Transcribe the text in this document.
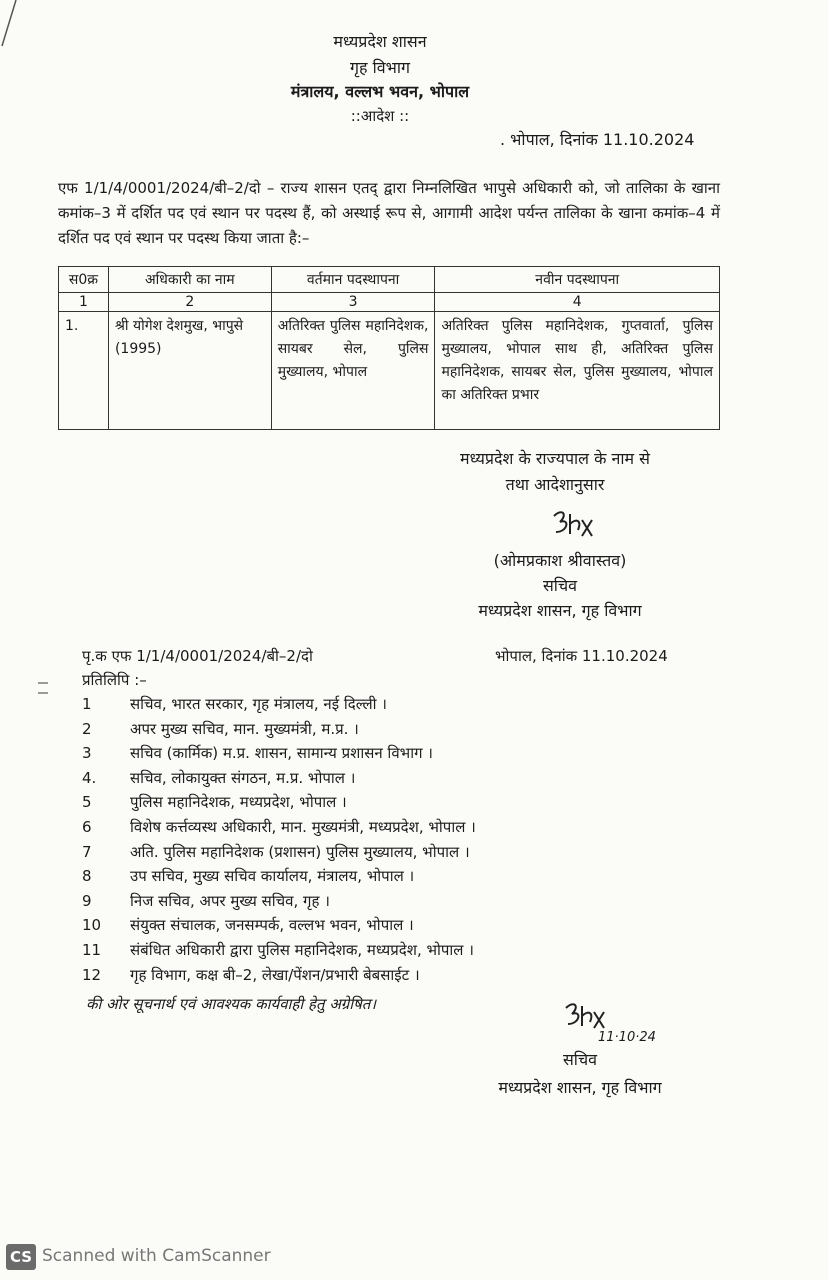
मध्यप्रदेश शासन
गृह विभाग
मंत्रालय, वल्लभ भवन, भोपाल
::आदेश ::
. भोपाल, दिनांक 11.10.2024
एफ 1/1/4/0001/2024/बी–2/दो – राज्य शासन एतद् द्वारा निम्नलिखित भापुसे अधिकारी को, जो तालिका के खाना कमांक–3 में दर्शित पद एवं स्थान पर पदस्थ हैं, को अस्थाई रूप से, आगामी आदेश पर्यन्त तालिका के खाना कमांक–4 में दर्शित पद एवं स्थान पर पदस्थ किया जाता है:–
स0क्र	अधिकारी का नाम	वर्तमान पदस्थापना	नवीन पदस्थापना
1	2	3	4
1.	श्री योगेश देशमुख, भापुसे (1995)	अतिरिक्त पुलिस महानिदेशक, सायबर सेल, पुलिस मुख्यालय, भोपाल	अतिरिक्त पुलिस महानिदेशक, गुप्तवार्ता, पुलिस मुख्यालय, भोपाल साथ ही, अतिरिक्त पुलिस महानिदेशक, सायबर सेल, पुलिस मुख्यालय, भोपाल का अतिरिक्त प्रभार
मध्यप्रदेश के राज्यपाल के नाम से
तथा आदेशानुसार
(ओमप्रकाश श्रीवास्तव)
सचिव
मध्यप्रदेश शासन, गृह विभाग
पृ.क एफ 1/1/4/0001/2024/बी–2/दो	भोपाल, दिनांक 11.10.2024
प्रतिलिपि :–
1	सचिव, भारत सरकार, गृह मंत्रालय, नई दिल्ली ।
2	अपर मुख्य सचिव, मान. मुख्यमंत्री, म.प्र. ।
3	सचिव (कार्मिक) म.प्र. शासन, सामान्य प्रशासन विभाग ।
4. सचिव, लोकायुक्त संगठन, म.प्र. भोपाल ।
5	पुलिस महानिदेशक, मध्यप्रदेश, भोपाल ।
6	विशेष कर्त्तव्यस्थ अधिकारी, मान. मुख्यमंत्री, मध्यप्रदेश, भोपाल ।
7	अति. पुलिस महानिदेशक (प्रशासन) पुलिस मुख्यालय, भोपाल ।
8	उप सचिव, मुख्य सचिव कार्यालय, मंत्रालय, भोपाल ।
9	निज सचिव, अपर मुख्य सचिव, गृह ।
10 संयुक्त संचालक, जनसम्पर्क, वल्लभ भवन, भोपाल ।
11 संबंधित अधिकारी द्वारा पुलिस महानिदेशक, मध्यप्रदेश, भोपाल ।
12 गृह विभाग, कक्ष बी–2, लेखा/पेंशन/प्रभारी बेबसाईट ।
की ओर सूचनार्थ एवं आवश्यक कार्यवाही हेतु अग्रेषित।
11·10·24
सचिव
मध्यप्रदेश शासन, गृह विभाग
CS Scanned with CamScanner
